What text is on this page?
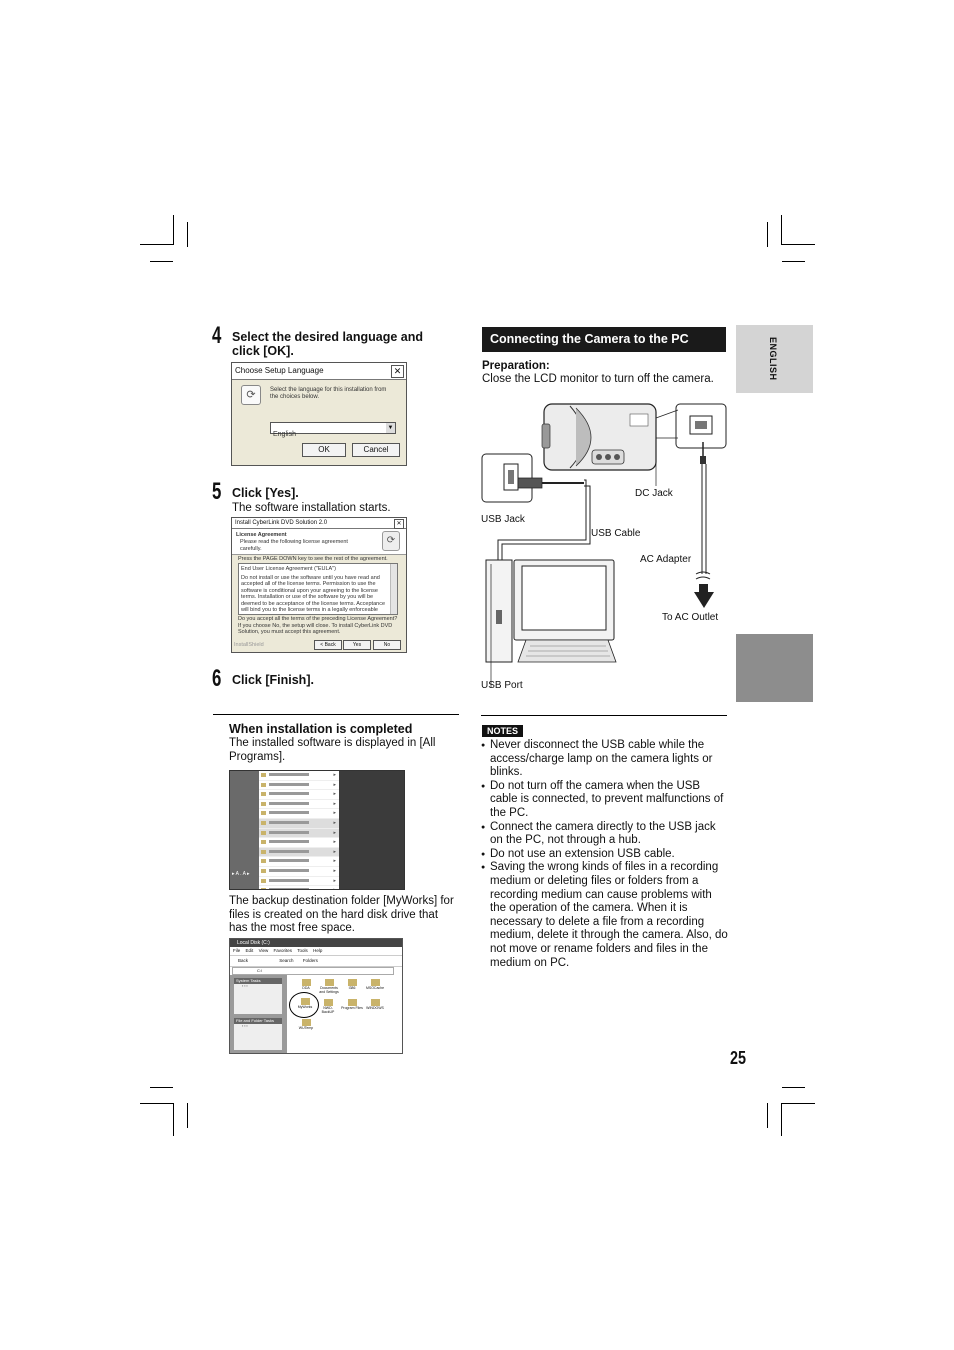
4 Select the desired language and click [OK].
Choose Setup Language	✕
⟳	Select the language for this installation from the choices below.
English
▼
OK	Cancel
5 Click [Yes].
The software installation starts.
Install CyberLink DVD Solution 2.0	✕
License Agreement
Please read the following license agreement carefully.
⟳
Press the PAGE DOWN key to see the rest of the agreement.
End User License Agreement ("EULA")
Do not install or use the software until you have read and accepted all of the license terms. Permission to use the software is conditional upon your agreeing to the license terms. Installation or use of the software by you will be deemed to be acceptance of the license terms. Acceptance will bind you to the license terms in a legally enforceable
Do you accept all the terms of the preceding License Agreement? If you choose No, the setup will close. To install CyberLink DVD Solution, you must accept this agreement.
InstallShield	< Back	Yes	No
6 Click [Finish].
When installation is completed
The installed software is displayed in [All Programs].
▸ A . A ▸
▸
▸
▸
▸
▸
▸
▸
▸
▸
▸
▸
▸
The backup destination folder [MyWorks] for files is created on the hard disk drive that has the most free space.
Local Disk (C:)
File Edit View Favorites Tools Help
Back	Search Folders
C:\
System Tasks
▪ ▪ ▪
File and Folder Tasks
▪ ▪ ▪
DDA	Documents and Settings
I386	MSOCache
MyWorks	NWD-BackUP
Program Files WINDOWS
WUTemp
Connecting the Camera to the PC
Preparation:
Close the LCD monitor to turn off the camera.
DC Jack
USB Jack
USB Cable
AC Adapter
To AC Outlet
USB Port
NOTES
● Never disconnect the USB cable while the access/charge lamp on the camera lights or blinks.
● Do not turn off the camera when the USB cable is connected, to prevent malfunctions of the PC.
● Connect the camera directly to the USB jack on the PC, not through a hub.
● Do not use an extension USB cable.
● Saving the wrong kinds of files in a recording medium or deleting files or folders from a recording medium can cause problems with the operation of the camera. When it is necessary to delete a file from a recording medium, delete it through the camera. Also, do not move or rename folders and files in the medium on PC.
ENGLISH
25
